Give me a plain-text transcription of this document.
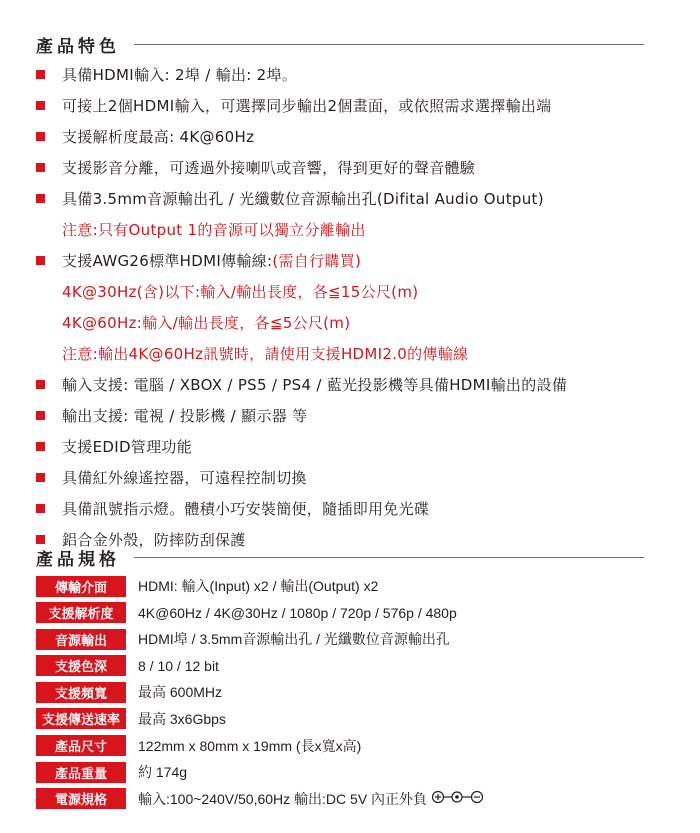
產品特色
具備HDMI輸入: 2埠 / 輸出: 2埠。
可接上2個HDMI輸入，可選擇同步輸出2個畫面，或依照需求選擇輸出端
支援解析度最高: 4K@60Hz
支援影音分離，可透過外接喇叭或音響，得到更好的聲音體驗
具備3.5mm音源輸出孔 / 光纖數位音源輸出孔(Difital Audio Output)
注意:只有Output 1的音源可以獨立分離輸出
支援AWG26標準HDMI傳輸線: (需自行購買)
4K@30Hz(含)以下:輸入/輸出長度，各≦15公尺(m)
4K@60Hz:輸入/輸出長度，各≦5公尺(m)
注意:輸出4K@60Hz訊號時，請使用支援HDMI2.0的傳輸線
輸入支援: 電腦 / XBOX / PS5 / PS4 / 藍光投影機等具備HDMI輸出的設備
輸出支援: 電視 / 投影機 / 顯示器 等
支援EDID管理功能
具備紅外線遙控器，可遠程控制切換
具備訊號指示燈。體積小巧安裝簡便，隨插即用免光碟
鋁合金外殼，防摔防刮保護
產品規格
傳輸介面	HDMI: 輸入(Input) x2 / 輸出(Output) x2
支援解析度	4K@60Hz / 4K@30Hz / 1080p / 720p / 576p / 480p
音源輸出	HDMI埠 / 3.5mm音源輸出孔 / 光纖數位音源輸出孔
支援色深	8 / 10 / 12 bit
支援頻寬	最高 600MHz
支援傳送速率	最高 3x6Gbps
產品尺寸	122mm x 80mm x 19mm (長x寬x高)
產品重量	約 174g
電源規格	輸入:100~240V/50,60Hz 輸出:DC 5V 內正外負
